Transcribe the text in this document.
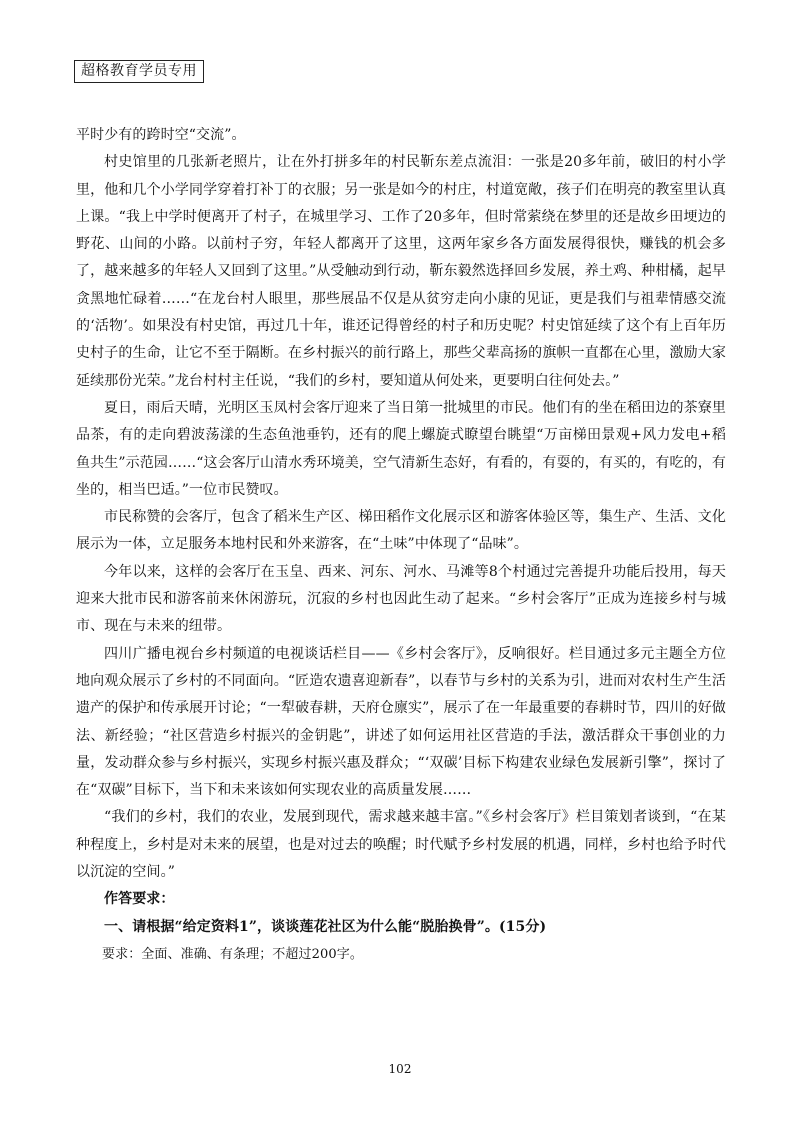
超格教育学员专用

平时少有的跨时空“交流”。

村史馆里的几张新老照片，让在外打拼多年的村民靳东差点流泪：一张是20多年前，破旧的村小学里，他和几个小学同学穿着打补丁的衣服；另一张是如今的村庄，村道宽敞，孩子们在明亮的教室里认真上课。“我上中学时便离开了村子，在城里学习、工作了20多年，但时常萦绕在梦里的还是故乡田埂边的野花、山间的小路。以前村子穷，年轻人都离开了这里，这两年家乡各方面发展得很快，赚钱的机会多了，越来越多的年轻人又回到了这里。”从受触动到行动，靳东毅然选择回乡发展，养土鸡、种柑橘，起早贪黑地忙碌着……“在龙台村人眼里，那些展品不仅是从贫穷走向小康的见证，更是我们与祖辈情感交流的‘活物’。如果没有村史馆，再过几十年，谁还记得曾经的村子和历史呢？村史馆延续了这个有上百年历史村子的生命，让它不至于隔断。在乡村振兴的前行路上，那些父辈高扬的旗帜一直都在心里，激励大家延续那份光荣。”龙台村村主任说，“我们的乡村，要知道从何处来，更要明白往何处去。”

夏日，雨后天晴，光明区玉凤村会客厅迎来了当日第一批城里的市民。他们有的坐在稻田边的茶寮里品茶，有的走向碧波荡漾的生态鱼池垂钓，还有的爬上螺旋式瞭望台眺望“万亩梯田景观+风力发电+稻鱼共生”示范园……“这会客厅山清水秀环境美，空气清新生态好，有看的，有耍的，有买的，有吃的，有坐的，相当巴适。”一位市民赞叹。

市民称赞的会客厅，包含了稻米生产区、梯田稻作文化展示区和游客体验区等，集生产、生活、文化展示为一体，立足服务本地村民和外来游客，在“土味”中体现了“品味”。

今年以来，这样的会客厅在玉皇、西来、河东、河水、马滩等8个村通过完善提升功能后投用，每天迎来大批市民和游客前来休闲游玩，沉寂的乡村也因此生动了起来。“乡村会客厅”正成为连接乡村与城市、现在与未来的纽带。

四川广播电视台乡村频道的电视谈话栏目——《乡村会客厅》，反响很好。栏目通过多元主题全方位地向观众展示了乡村的不同面向。“匠造农遗喜迎新春”，以春节与乡村的关系为引，进而对农村生产生活遗产的保护和传承展开讨论；“一犁破春耕，天府仓廪实”，展示了在一年最重要的春耕时节，四川的好做法、新经验；“社区营造乡村振兴的金钥匙”，讲述了如何运用社区营造的手法，激活群众干事创业的力量，发动群众参与乡村振兴，实现乡村振兴惠及群众；“‘双碳’目标下构建农业绿色发展新引擎”，探讨了在“双碳”目标下，当下和未来该如何实现农业的高质量发展……

“我们的乡村，我们的农业，发展到现代，需求越来越丰富。”《乡村会客厅》栏目策划者谈到，“在某种程度上，乡村是对未来的展望，也是对过去的唤醒；时代赋予乡村发展的机遇，同样，乡村也给予时代以沉淀的空间。”

作答要求：

一、请根据“给定资料1”，谈谈莲花社区为什么能“脱胎换骨”。(15分)

要求：全面、准确、有条理；不超过200字。

102
